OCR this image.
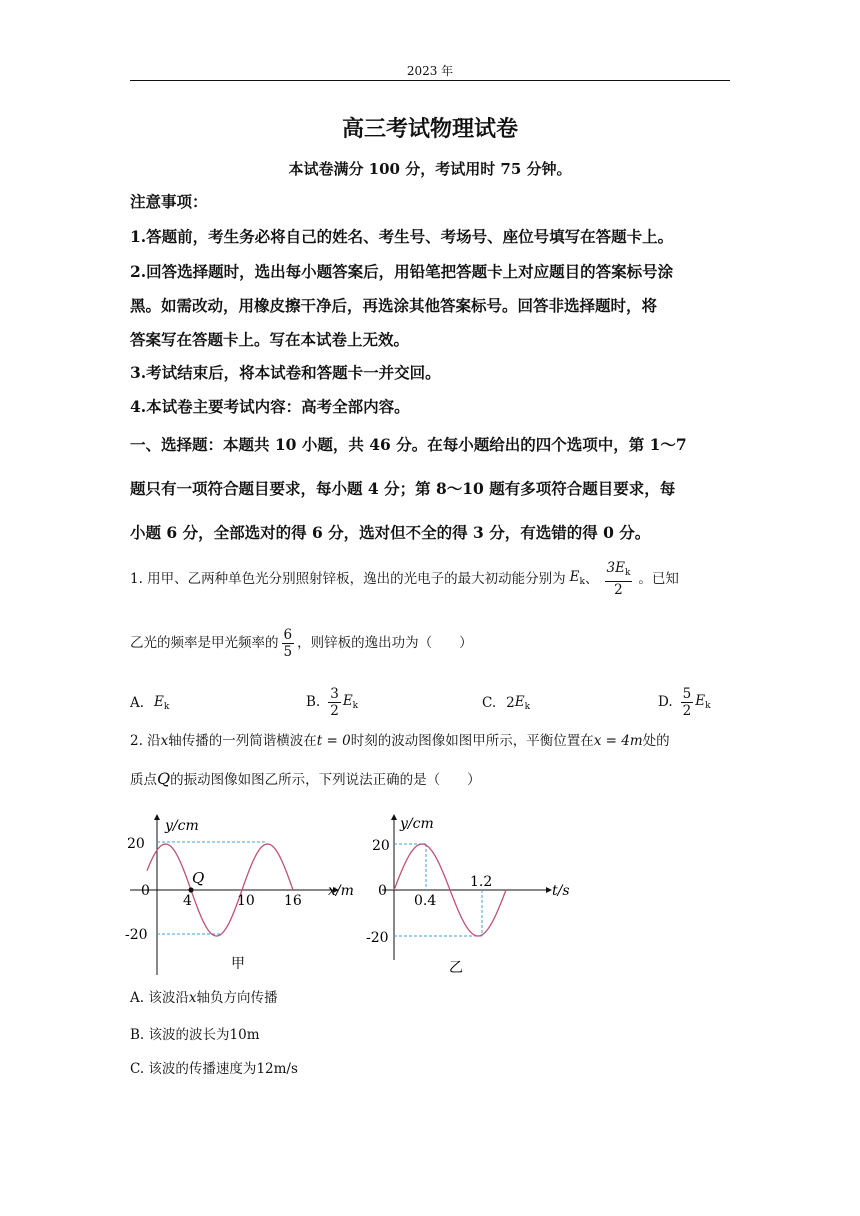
2023 年
高三考试物理试卷
本试卷满分 100 分，考试用时 75 分钟。
注意事项：
1.答题前，考生务必将自己的姓名、考生号、考场号、座位号填写在答题卡上。
2.回答选择题时，选出每小题答案后，用铅笔把答题卡上对应题目的答案标号涂
黑。如需改动，用橡皮擦干净后，再选涂其他答案标号。回答非选择题时，将
答案写在答题卡上。写在本试卷上无效。
3.考试结束后，将本试卷和答题卡一并交回。
4.本试卷主要考试内容：高考全部内容。
一、选择题：本题共 10 小题，共 46 分。在每小题给出的四个选项中，第 1～7
题只有一项符合题目要求，每小题 4 分；第 8～10 题有多项符合题目要求，每
小题 6 分，全部选对的得 6 分，选对但不全的得 3 分，有选错的得 0 分。
1. 用甲、乙两种单色光分别照射锌板，逸出的光电子的最大初动能分别为 $E_k$ 、 $\frac{3E_k}{2}$ 。已知
乙光的频率是甲光频率的 $\frac{6}{5}$ ，则锌板的逸出功为（　　）
A. $E_k$	B. $\frac{3}{2} E_k$	C. 2 $E_k$	D. $\frac{5}{2} E_k$
2. 沿x轴传播的一列简谐横波在t = 0时刻的波动图像如图甲所示，平衡位置在x = 4m处的
质点Q的振动图像如图乙所示，下列说法正确的是（　　）
20
0
-20
4	10 16
Q
y/cm
x/m
甲
20
0
-20
0.4
1.2
y/cm
t/s
乙
A. 该波沿x轴负方向传播
B. 该波的波长为10m
C. 该波的传播速度为12m/s
